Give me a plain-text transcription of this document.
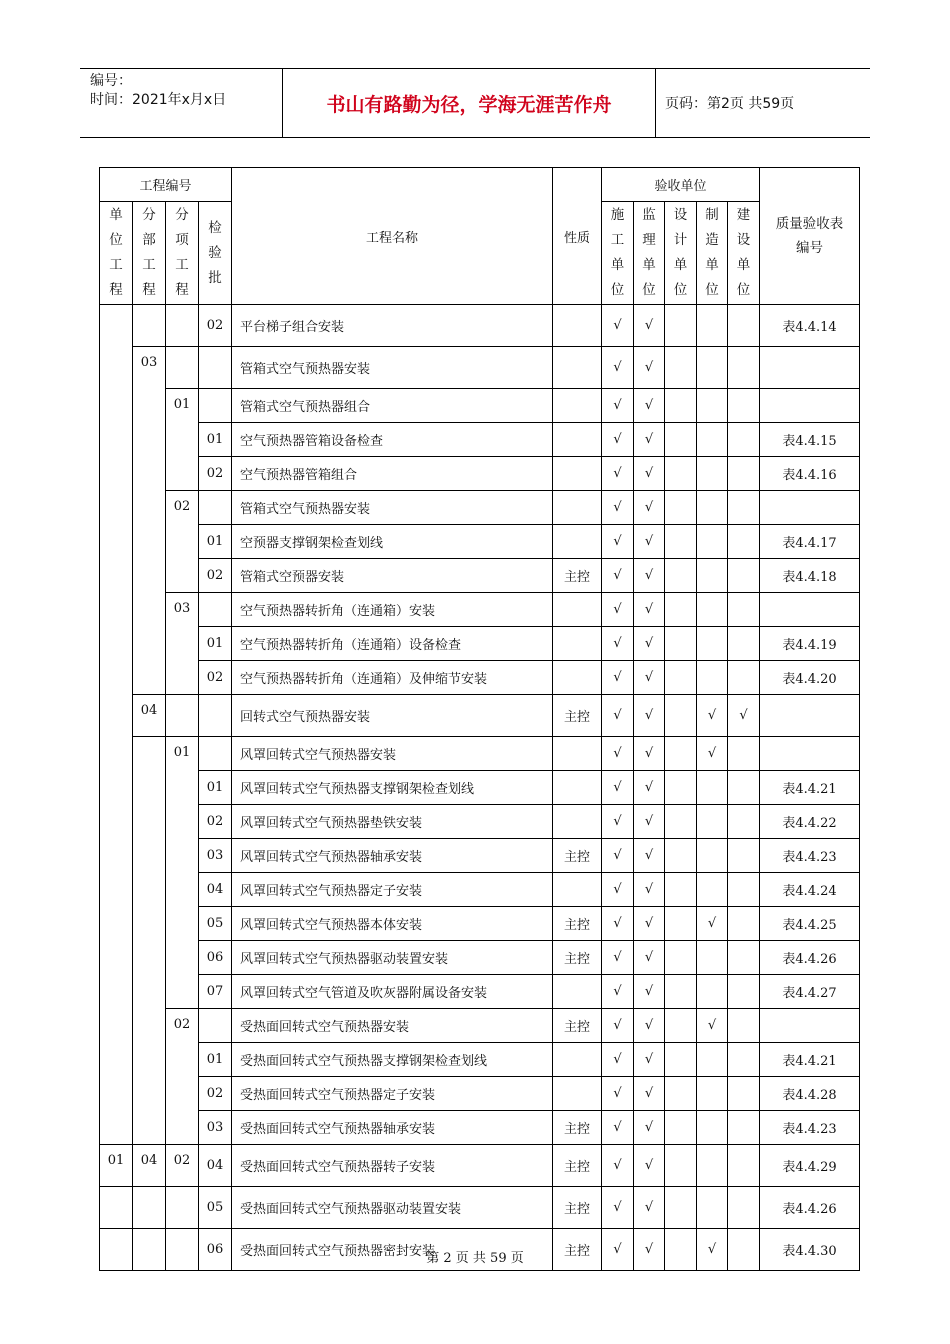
编号：
时间：2021年x月x日	书山有路勤为径，学海无涯苦作舟	页码：第2页 共59页
工程编号				工程名称	性质	验收单位					质量验收表编号

单位工程	分部工程	分项工程	检验批			施工单位	监理单位	设计单位	制造单位	建设单位	

			02	平台梯子组合安装		√	√				表4.4.14
	03			管箱式空气预热器安装		√	√				
		01		管箱式空气预热器组合		√	√				
			01	空气预热器管箱设备检查		√	√				表4.4.15
			02	空气预热器管箱组合		√	√				表4.4.16
		02		管箱式空气预热器安装		√	√				
			01	空预器支撑钢架检查划线		√	√				表4.4.17
			02	管箱式空预器安装	主控	√	√				表4.4.18
		03		空气预热器转折角（连通箱）安装		√	√				
			01	空气预热器转折角（连通箱）设备检查		√	√				表4.4.19
			02	空气预热器转折角（连通箱）及伸缩节安装		√	√				表4.4.20
	04			回转式空气预热器安装	主控	√	√		√	√	
		01		风罩回转式空气预热器安装		√	√		√		
			01	风罩回转式空气预热器支撑钢架检查划线		√	√				表4.4.21
			02	风罩回转式空气预热器垫铁安装		√	√				表4.4.22
			03	风罩回转式空气预热器轴承安装	主控	√	√				表4.4.23
			04	风罩回转式空气预热器定子安装		√	√				表4.4.24
			05	风罩回转式空气预热器本体安装	主控	√	√		√		表4.4.25
			06	风罩回转式空气预热器驱动装置安装	主控	√	√				表4.4.26
			07	风罩回转式空气管道及吹灰器附属设备安装		√	√				表4.4.27
		02		受热面回转式空气预热器安装	主控	√	√		√		
			01	受热面回转式空气预热器支撑钢架检查划线		√	√				表4.4.21
			02	受热面回转式空气预热器定子安装		√	√				表4.4.28
			03	受热面回转式空气预热器轴承安装	主控	√	√				表4.4.23
01	04	02	04	受热面回转式空气预热器转子安装	主控	√	√				表4.4.29
			05	受热面回转式空气预热器驱动装置安装	主控	√	√				表4.4.26
			06	受热面回转式空气预热器密封安装	主控	√	√		√		表4.4.30
第 2 页 共 59 页
